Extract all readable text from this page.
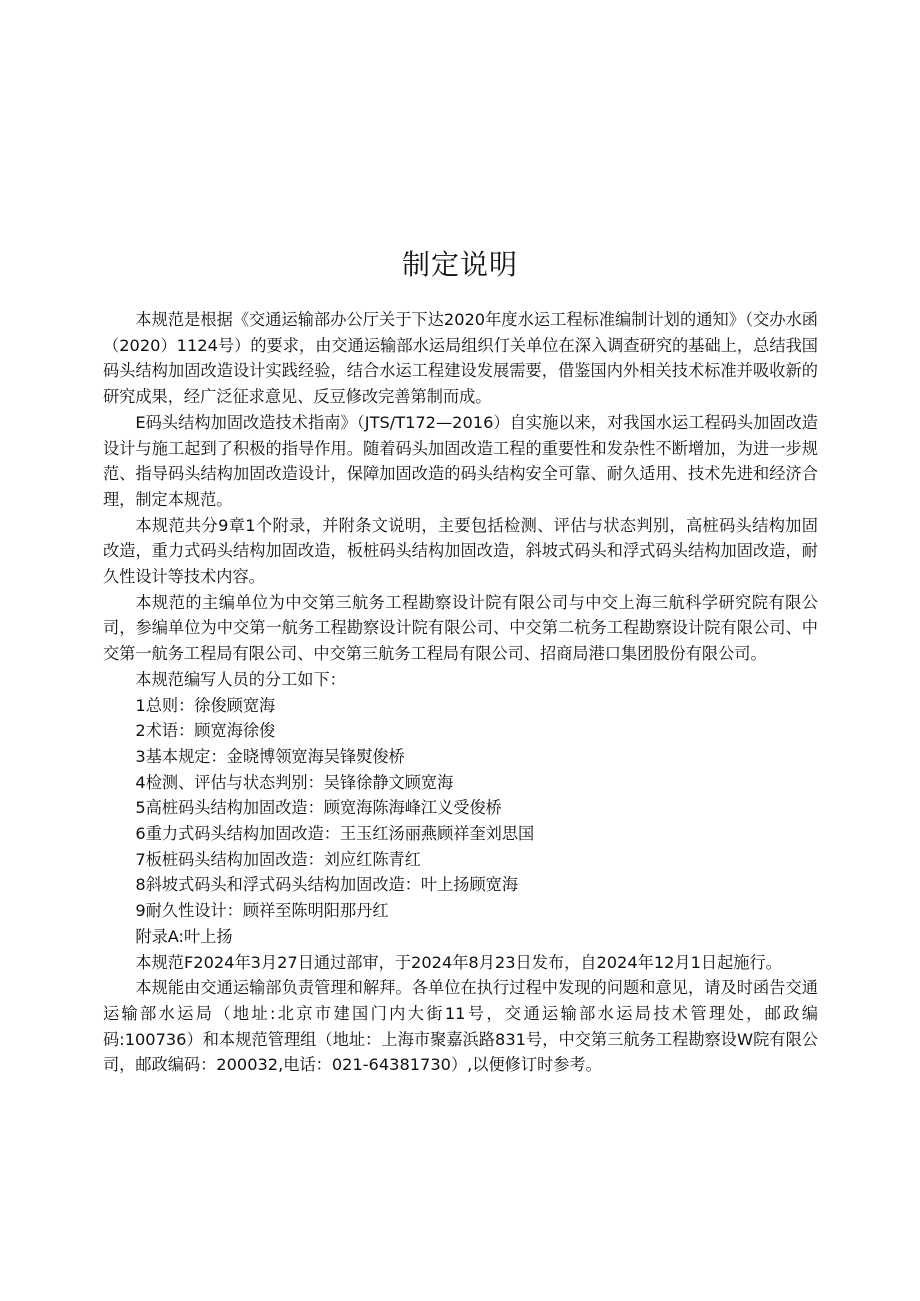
制定说明

本规范是根据《交通运输部办公厅关于下达2020年度水运工程标准编制计划的通知》（交办水函（2020）1124号）的要求，由交通运输部水运局组织仃关单位在深入调查研究的基础上，总结我国码头结构加固改造设计实践经验，结合水运工程建设发展需要，借鉴国内外相关技术标准并吸收新的研究成果，经广泛征求意见、反豆修改完善第制而成。

E码头结构加固改造技术指南》（JTS/T172—2016）自实施以来，对我国水运工程码头加固改造设计与施工起到了积极的指导作用。随着码头加固改造工程的重要性和发杂性不断增加，为进一步规范、指导码头结构加固改造设计，保障加固改造的码头结构安全可靠、耐久适用、技术先进和经济合理，制定本规范。

本规范共分9章1个附录，并附条文说明，主要包括检测、评估与状态判别，高桩码头结构加固改造，重力式码头结构加固改造，板桩码头结构加固改造，斜坡式码头和浮式码头结构加固改造，耐久性设计等技术内容。

本规范的主编单位为中交第三航务工程勘察设计院有限公司与中交上海三航科学研究院有限公司，参编单位为中交第一航务工程勘察设计院有限公司、中交第二杭务工程勘察设计院有限公司、中交第一航务工程局有限公司、中交第三航务工程局有限公司、招商局港口集团股份有限公司。

本规范编写人员的分工如下：

1总则：徐俊顾宽海
2术语：顾宽海徐俊
3基本规定：金晓博领宽海吴锋熨俊桥
4检测、评估与状态判别：吴锋徐静文顾宽海
5高桩码头结构加固改造：顾宽海陈海峰江义受俊桥
6重力式码头结构加固改造：王玉红汤丽燕顾祥奎刘思国
7板桩码头结构加固改造：刘应红陈青红
8斜坡式码头和浮式码头结构加固改造：叶上扬顾宽海
9耐久性设计：顾祥至陈明阳那丹红
附录A:叶上扬

本规范F2024年3月27日通过部审，于2024年8月23日发布，自2024年12月1日起施行。

本规能由交通运输部负责管理和解拜。各单位在执行过程中发现的问题和意见，请及时函告交通运输部水运局（地址:北京市建国门内大街11号，交通运输部水运局技术管理处，邮政编码:100736）和本规范管理组（地址：上海市聚嘉浜路831号，中交第三航务工程勘察设W院有限公司，邮政编码：200032,电话：021-64381730）,以便修订时参考。
